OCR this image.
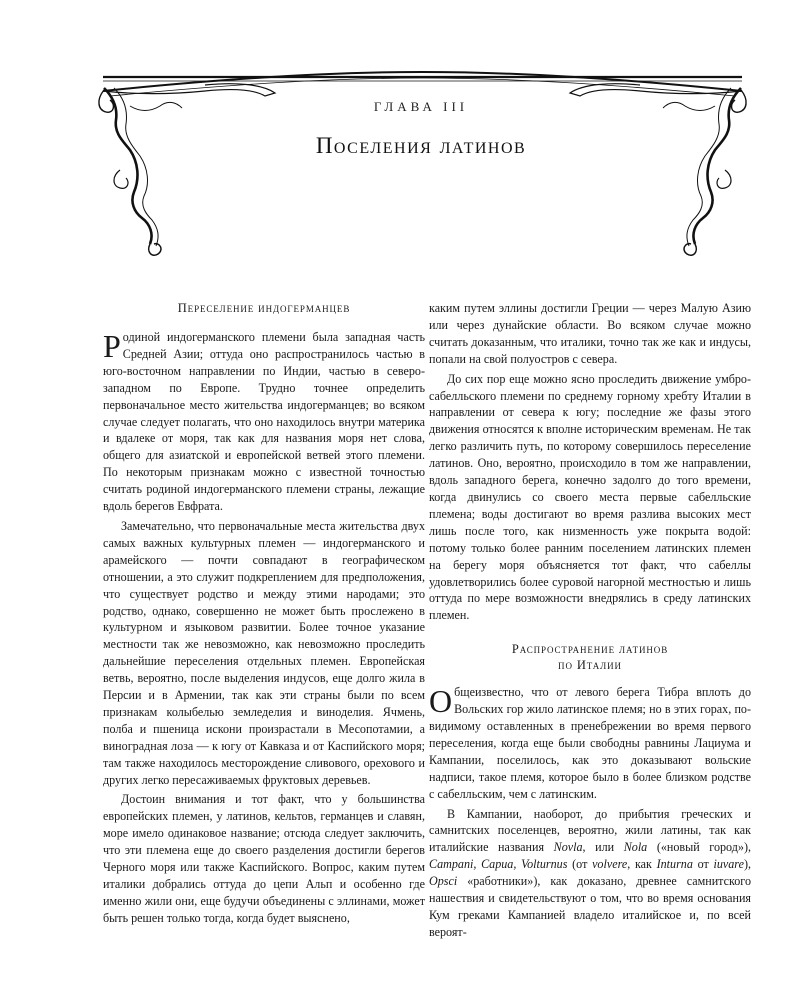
ГЛАВА III
Поселения латинов
Переселение индогерманцев

Родиной индогерманского племени была западная часть Средней Азии; оттуда оно распространилось частью в юго-восточном направлении по Индии, частью в северо-западном по Европе. Трудно точнее определить первоначальное место жительства индогерманцев; во всяком случае следует полагать, что оно находилось внутри материка и вдалеке от моря, так как для названия моря нет слова, общего для азиатской и европейской ветвей этого племени. По некоторым признакам можно с известной точностью считать родиной индогерманского племени страны, лежащие вдоль берегов Евфрата.

Замечательно, что первоначальные места жительства двух самых важных культурных племен — индогерманского и арамейского — почти совпадают в географическом отношении, а это служит подкреплением для предположения, что существует родство и между этими народами; это родство, однако, совершенно не может быть прослежено в культурном и языковом развитии. Более точное указание местности так же невозможно, как невозможно проследить дальнейшие переселения отдельных племен. Европейская ветвь, вероятно, после выделения индусов, еще долго жила в Персии и в Армении, так как эти страны были по всем признакам колыбелью земледелия и виноделия. Ячмень, полба и пшеница искони произрастали в Месопотамии, а виноградная лоза — к югу от Кавказа и от Каспийского моря; там также находилось месторождение сливового, орехового и других легко пересаживаемых фруктовых деревьев.

Достоин внимания и тот факт, что у большинства европейских племен, у латинов, кельтов, германцев и славян, море имело одинаковое название; отсюда следует заключить, что эти племена еще до своего разделения достигли берегов Черного моря или также Каспийского. Вопрос, каким путем италики добрались оттуда до цепи Альп и особенно где именно жили они, еще будучи объединены с эллинами, может быть решен только тогда, когда будет выяснено,

каким путем эллины достигли Греции — через Малую Азию или через дунайские области. Во всяком случае можно считать доказанным, что италики, точно так же как и индусы, попали на свой полуостров с севера.

До сих пор еще можно ясно проследить движение умбро-сабелльского племени по среднему горному хребту Италии в направлении от севера к югу; последние же фазы этого движения относятся к вполне историческим временам. Не так легко различить путь, по которому совершилось переселение латинов. Оно, вероятно, происходило в том же направлении, вдоль западного берега, конечно задолго до того времени, когда двинулись со своего места первые сабелльские племена; воды достигают во время разлива высоких мест лишь после того, как низменность уже покрыта водой: потому только более ранним поселением латинских племен на берегу моря объясняется тот факт, что сабеллы удовлетворились более суровой нагорной местностью и лишь оттуда по мере возможности внедрялись в среду латинских племен.

Распространение латинов
по Италии

Общеизвестно, что от левого берега Тибра вплоть до Вольских гор жило латинское племя; но в этих горах, по-видимому оставленных в пренебрежении во время первого переселения, когда еще были свободны равнины Лациума и Кампании, поселилось, как это доказывают вольские надписи, такое племя, которое было в более близком родстве с сабелльским, чем с латинским.

В Кампании, наоборот, до прибытия греческих и самнитских поселенцев, вероятно, жили латины, так как италийские названия Novla, или Nola («новый город»), Campani, Capua, Volturnus (от volvere, как Inturna от iuvare), Opsci «работники»), как доказано, древнее самнитского нашествия и свидетельствуют о том, что во время основания Кум греками Кампанией владело италийское и, по всей вероят-
